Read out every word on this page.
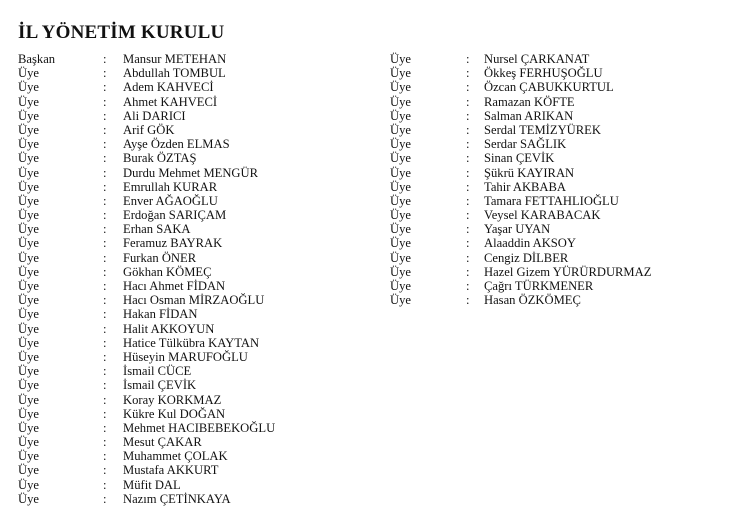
İL YÖNETİM KURULU
Başkan	:	Mansur METEHAN
Üye	:	Abdullah TOMBUL
Üye	:	Adem KAHVECİ
Üye	:	Ahmet KAHVECİ
Üye	:	Ali DARICI
Üye	:	Arif GÖK
Üye	:	Ayşe Özden ELMAS
Üye	:	Burak ÖZTAŞ
Üye	:	Durdu Mehmet MENGÜR
Üye	:	Emrullah KURAR
Üye	:	Enver AĞAOĞLU
Üye	:	Erdoğan SARIÇAM
Üye	:	Erhan SAKA
Üye	:	Feramuz BAYRAK
Üye	:	Furkan ÖNER
Üye	:	Gökhan KÖMEÇ
Üye	:	Hacı Ahmet FİDAN
Üye	:	Hacı Osman MİRZAOĞLU
Üye	:	Hakan FİDAN
Üye	:	Halit AKKOYUN
Üye	:	Hatice Tülkübra KAYTAN
Üye	:	Hüseyin MARUFOĞLU
Üye	:	İsmail CÜCE
Üye	:	İsmail ÇEVİK
Üye	:	Koray KORKMAZ
Üye	:	Kükre Kul DOĞAN
Üye	:	Mehmet HACIBEBEKOĞLU
Üye	:	Mesut ÇAKAR
Üye	:	Muhammet ÇOLAK
Üye	:	Mustafa AKKURT
Üye	:	Müfit DAL
Üye	:	Nazım ÇETİNKAYA
Üye	:	Nursel ÇARKANAT
Üye	:	Ökkeş FERHUŞOĞLU
Üye	:	Özcan ÇABUKKURTUL
Üye	:	Ramazan KÖFTE
Üye	:	Salman ARIKAN
Üye	:	Serdal TEMİZYÜREK
Üye	:	Serdar SAĞLIK
Üye	:	Sinan ÇEVİK
Üye	:	Şükrü KAYIRAN
Üye	:	Tahir AKBABA
Üye	:	Tamara FETTAHLIOĞLU
Üye	:	Veysel KARABACAK
Üye	:	Yaşar UYAN
Üye	:	Alaaddin AKSOY
Üye	:	Cengiz DİLBER
Üye	:	Hazel Gizem YÜRÜRDURMAZ
Üye	:	Çağrı TÜRKMENER
Üye	:	Hasan ÖZKÖMEÇ
